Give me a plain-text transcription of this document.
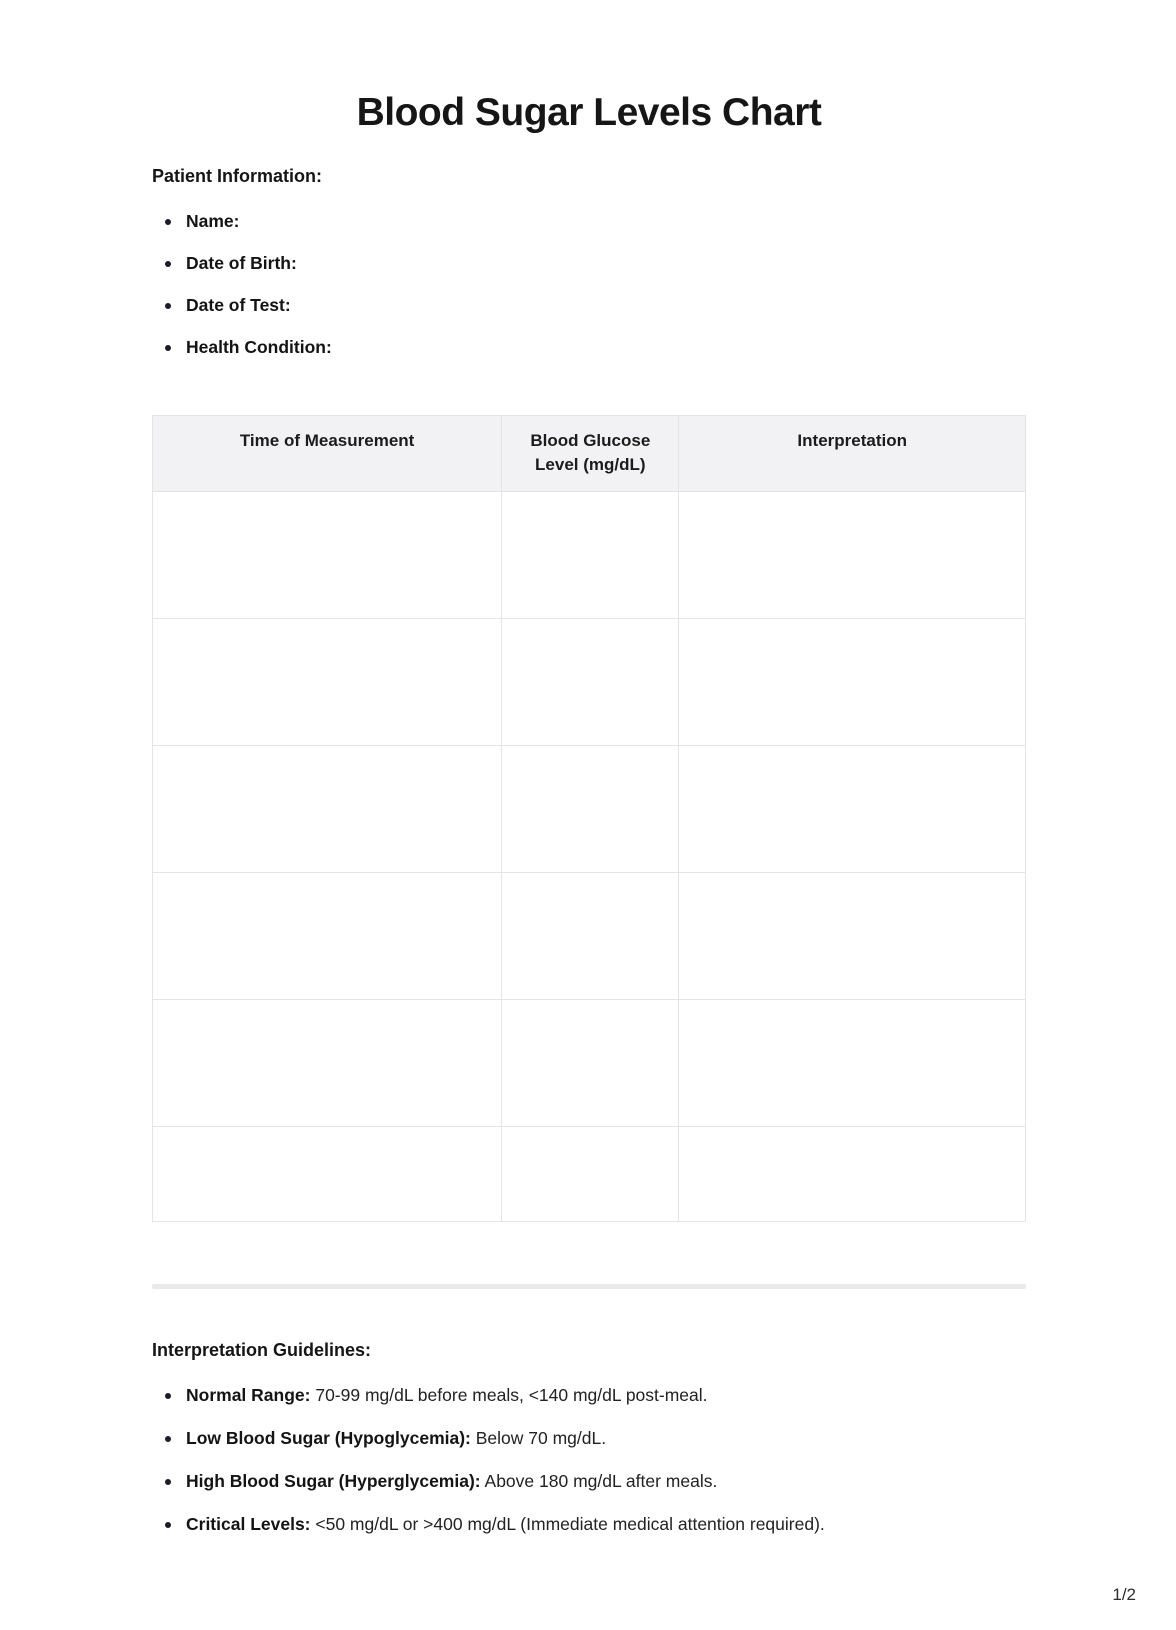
Blood Sugar Levels Chart
Patient Information:
Name:
Date of Birth:
Date of Test:
Health Condition:
Time of Measurement	Blood Glucose Level (mg/dL)	Interpretation

Interpretation Guidelines:
Normal Range: 70-99 mg/dL before meals, <140 mg/dL post-meal.
Low Blood Sugar (Hypoglycemia): Below 70 mg/dL.
High Blood Sugar (Hyperglycemia): Above 180 mg/dL after meals.
Critical Levels: <50 mg/dL or >400 mg/dL (Immediate medical attention required).
1/2
